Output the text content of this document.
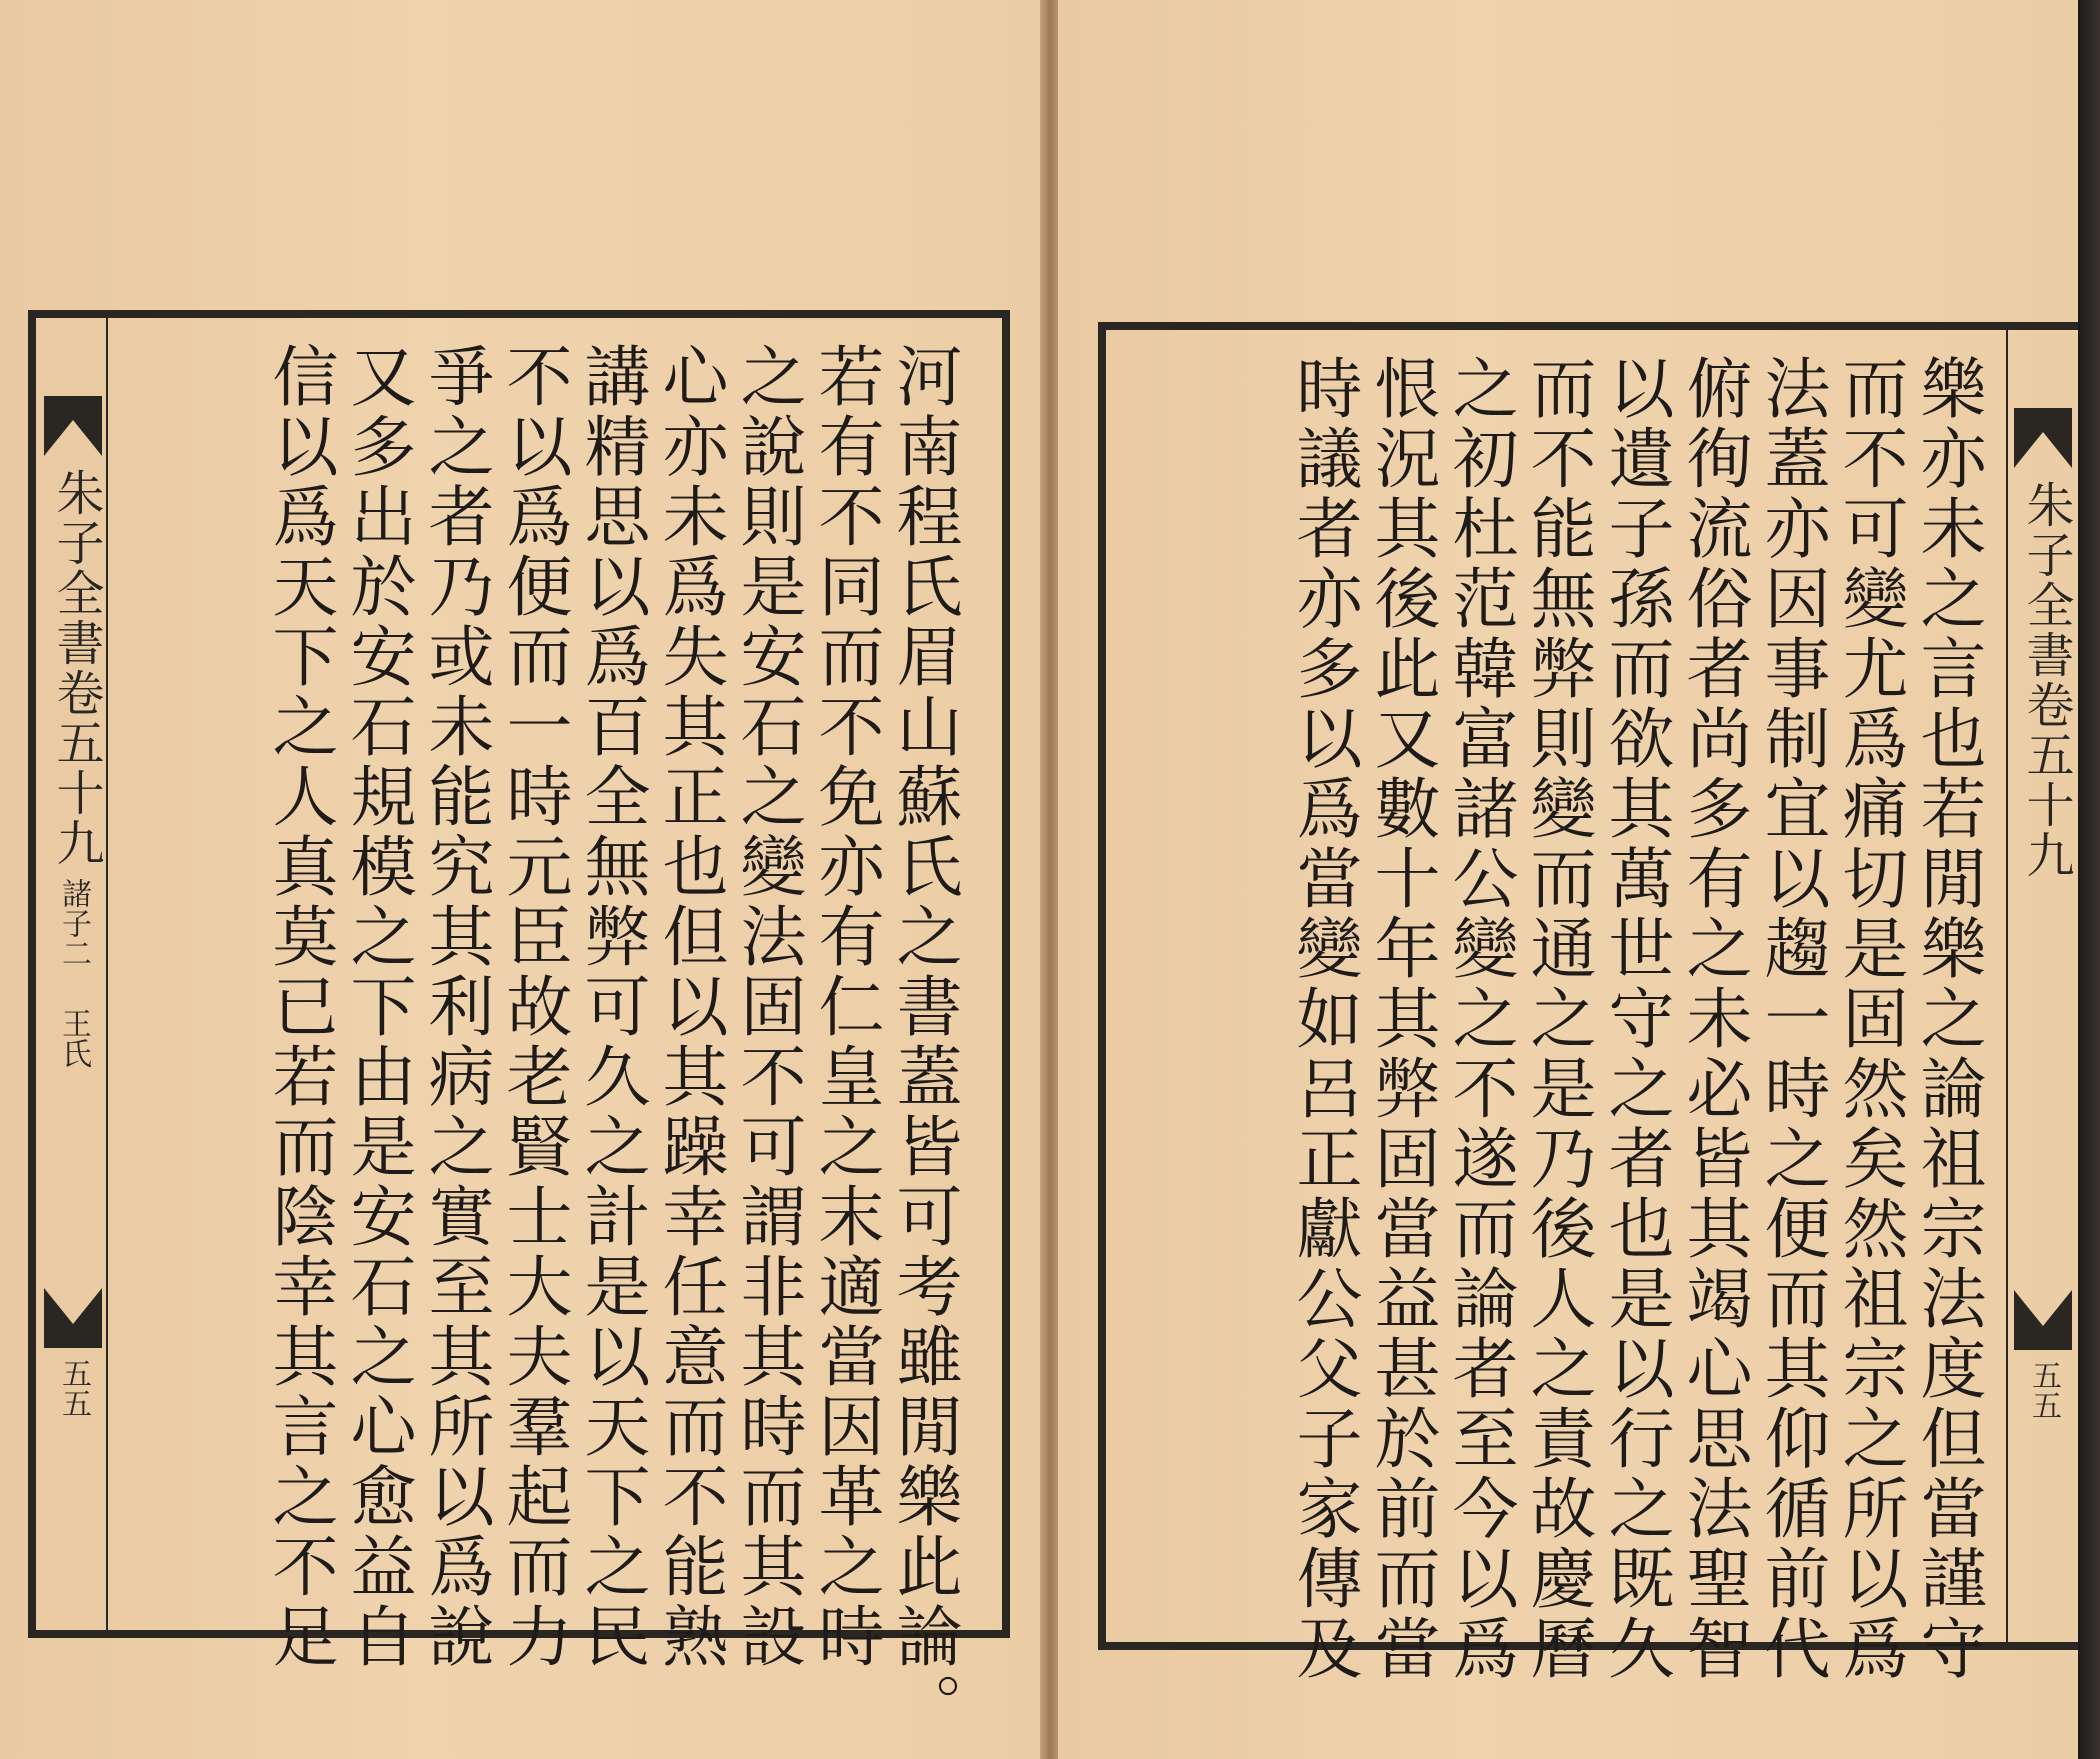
朱子全書卷五十九
諸子二
王氏
五五	河南程氏眉山蘇氏之書蓋皆可考雖閒樂此論。
若有不同而不免亦有仁皇之末適當因革之時
之說則是安石之變法固不可謂非其時而其設
心亦未爲失其正也但以其躁幸任意而不能熟
講精思以爲百全無弊可久之計是以天下之民
不以爲便而一時元臣故老賢士大夫羣起而力
爭之者乃或未能究其利病之實至其所以爲說
又多出於安石規模之下由是安石之心愈益自
信以爲天下之人真莫已若而陰幸其言之不足	樂亦未之言也若閒樂之論祖宗法度但當謹守
而不可變尤爲痛切是固然矣然祖宗之所以爲
法蓋亦因事制宜以趨一時之便而其仰循前代
俯徇流俗者尚多有之未必皆其竭心思法聖智
以遺子孫而欲其萬世守之者也是以行之既久
而不能無弊則變而通之是乃後人之責故慶曆
之初杜范韓富諸公變之不遂而論者至今以爲
恨況其後此又數十年其弊固當益甚於前而當
時議者亦多以爲當變如呂正獻公父子家傳及	朱子全書卷五十九
五五
